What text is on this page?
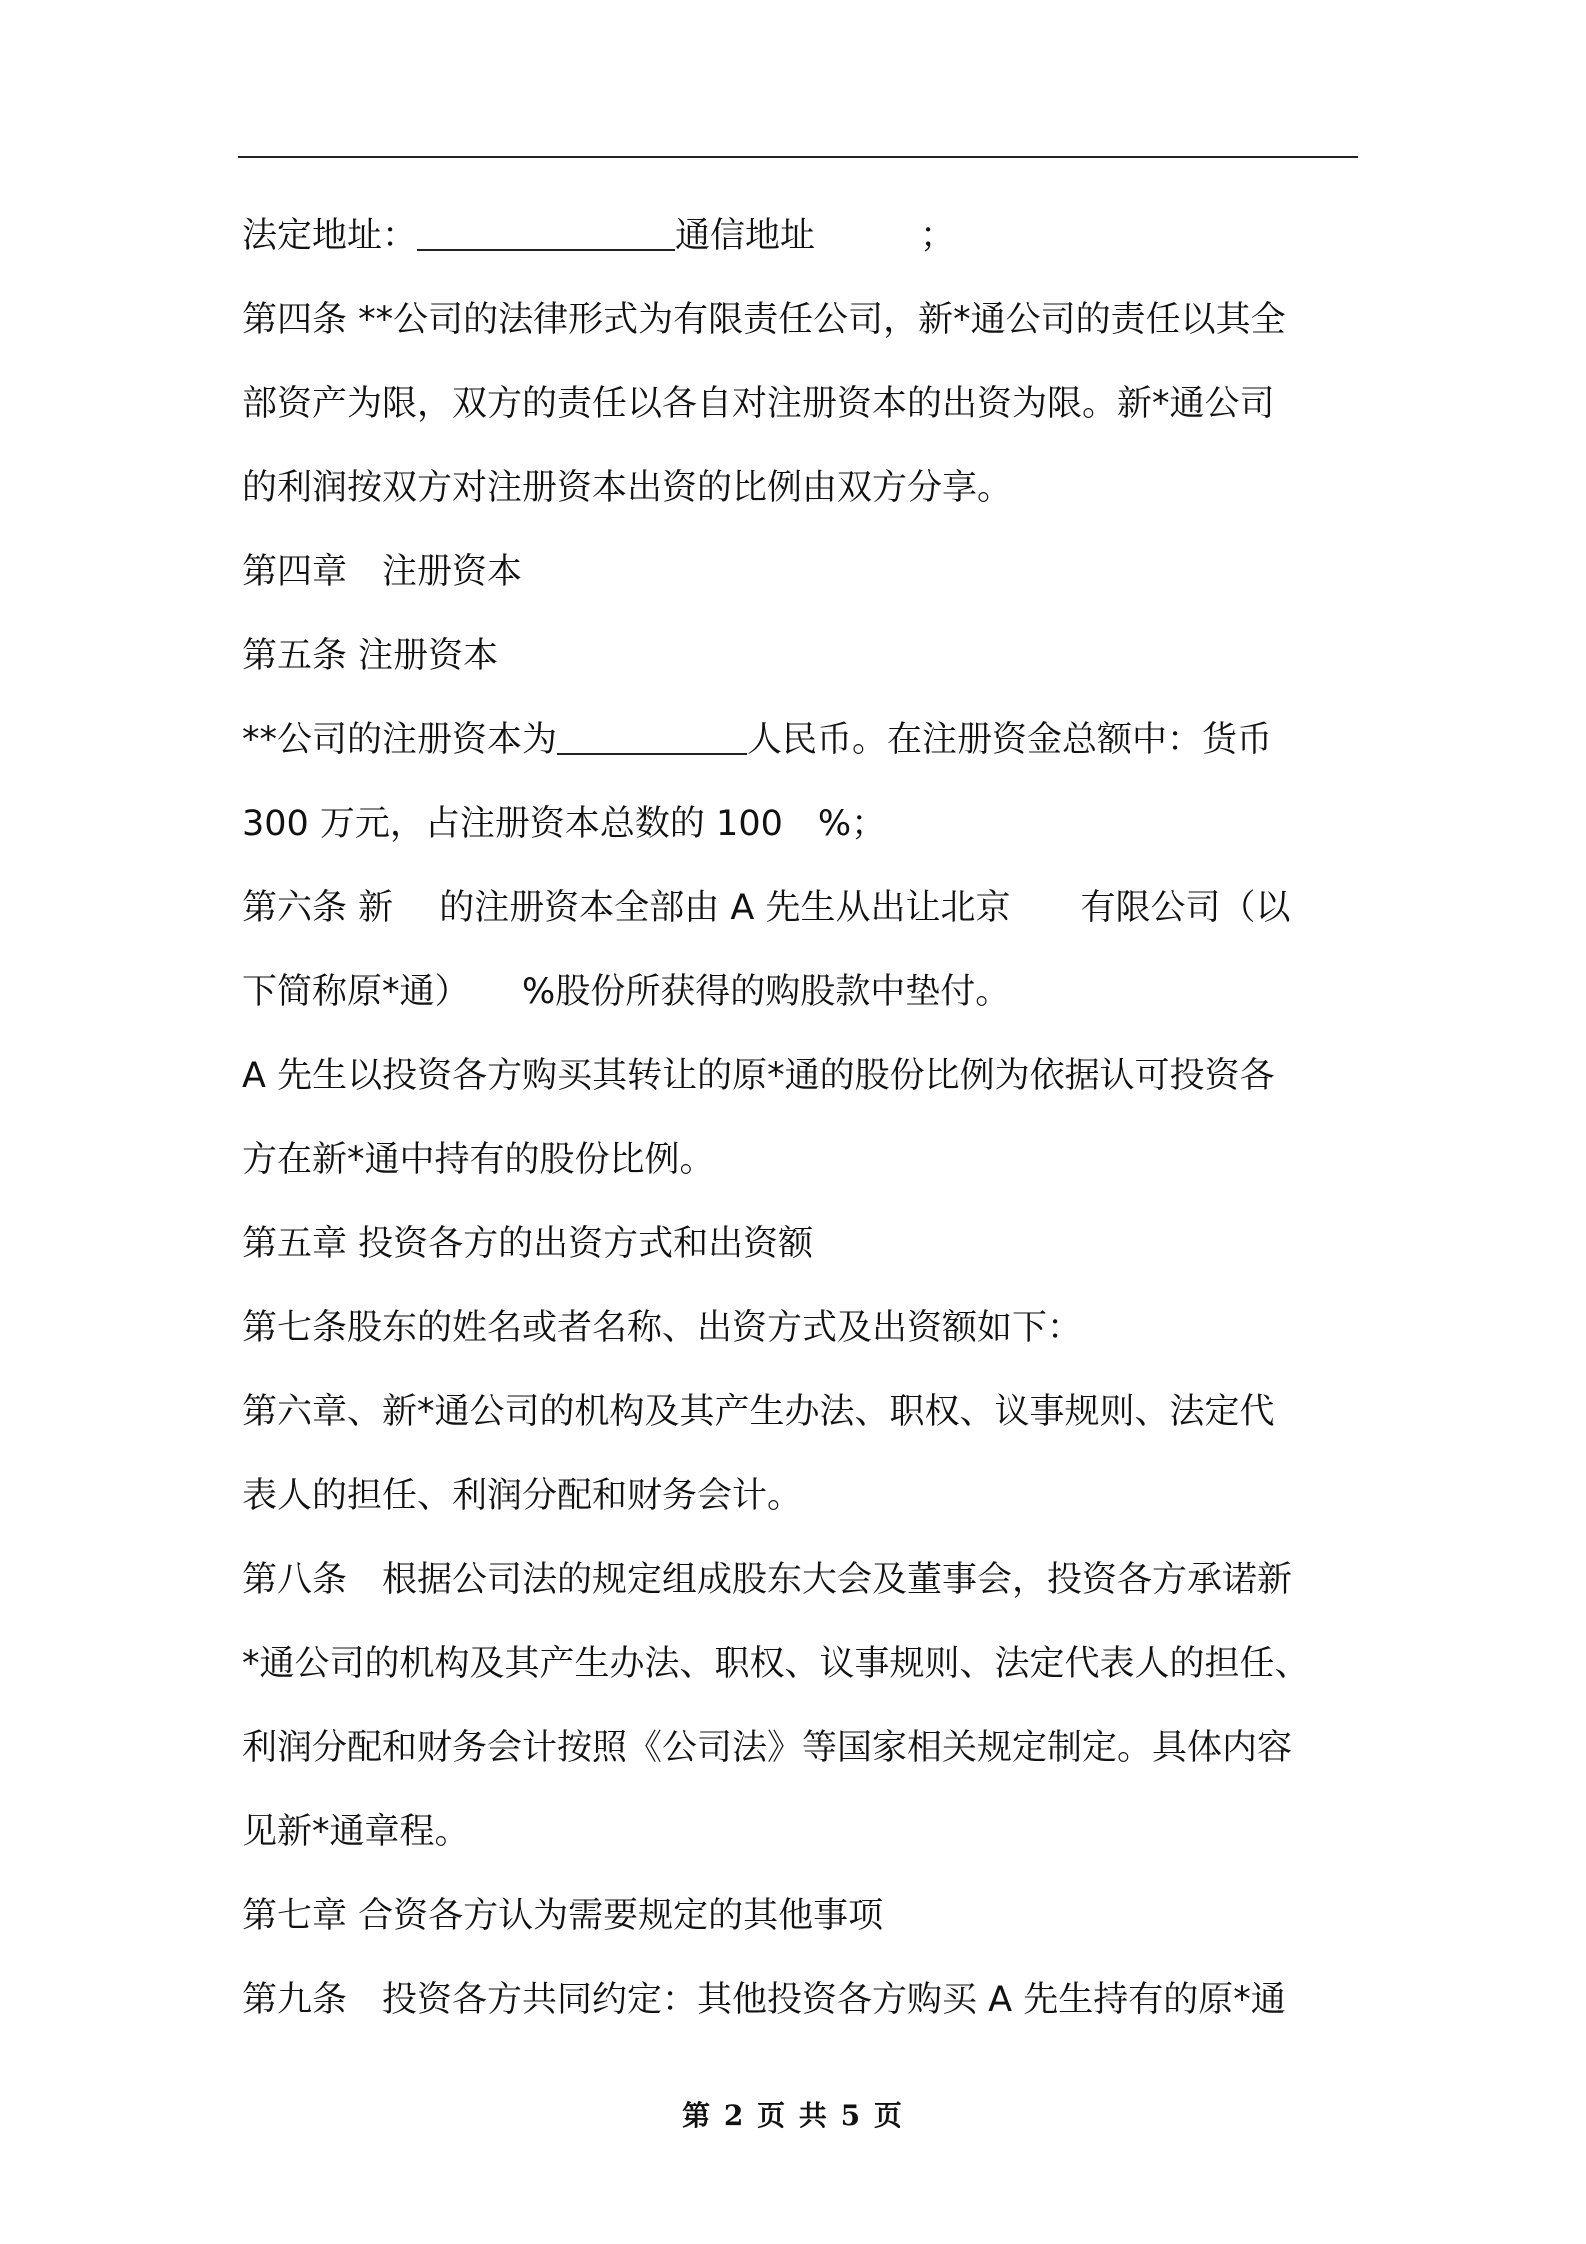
法定地址：	通信地址　　　；
第四条 **公司的法律形式为有限责任公司，新*通公司的责任以其全
部资产为限，双方的责任以各自对注册资本的出资为限。新*通公司
的利润按双方对注册资本出资的比例由双方分享。
第四章　注册资本
第五条 注册资本
**公司的注册资本为	人民币。在注册资金总额中：货币
300 万元，占注册资本总数的 100　%；
第六条 新　 的注册资本全部由 A 先生从出让北京　　有限公司（以
下简称原*通）　　%股份所获得的购股款中垫付。
A 先生以投资各方购买其转让的原*通的股份比例为依据认可投资各
方在新*通中持有的股份比例。
第五章 投资各方的出资方式和出资额
第七条股东的姓名或者名称、出资方式及出资额如下：
第六章、新*通公司的机构及其产生办法、职权、议事规则、法定代
表人的担任、利润分配和财务会计。
第八条　根据公司法的规定组成股东大会及董事会，投资各方承诺新
*通公司的机构及其产生办法、职权、议事规则、法定代表人的担任、
利润分配和财务会计按照《公司法》等国家相关规定制定。具体内容
见新*通章程。
第七章 合资各方认为需要规定的其他事项
第九条　投资各方共同约定：其他投资各方购买 A 先生持有的原*通
第 2 页 共 5 页
